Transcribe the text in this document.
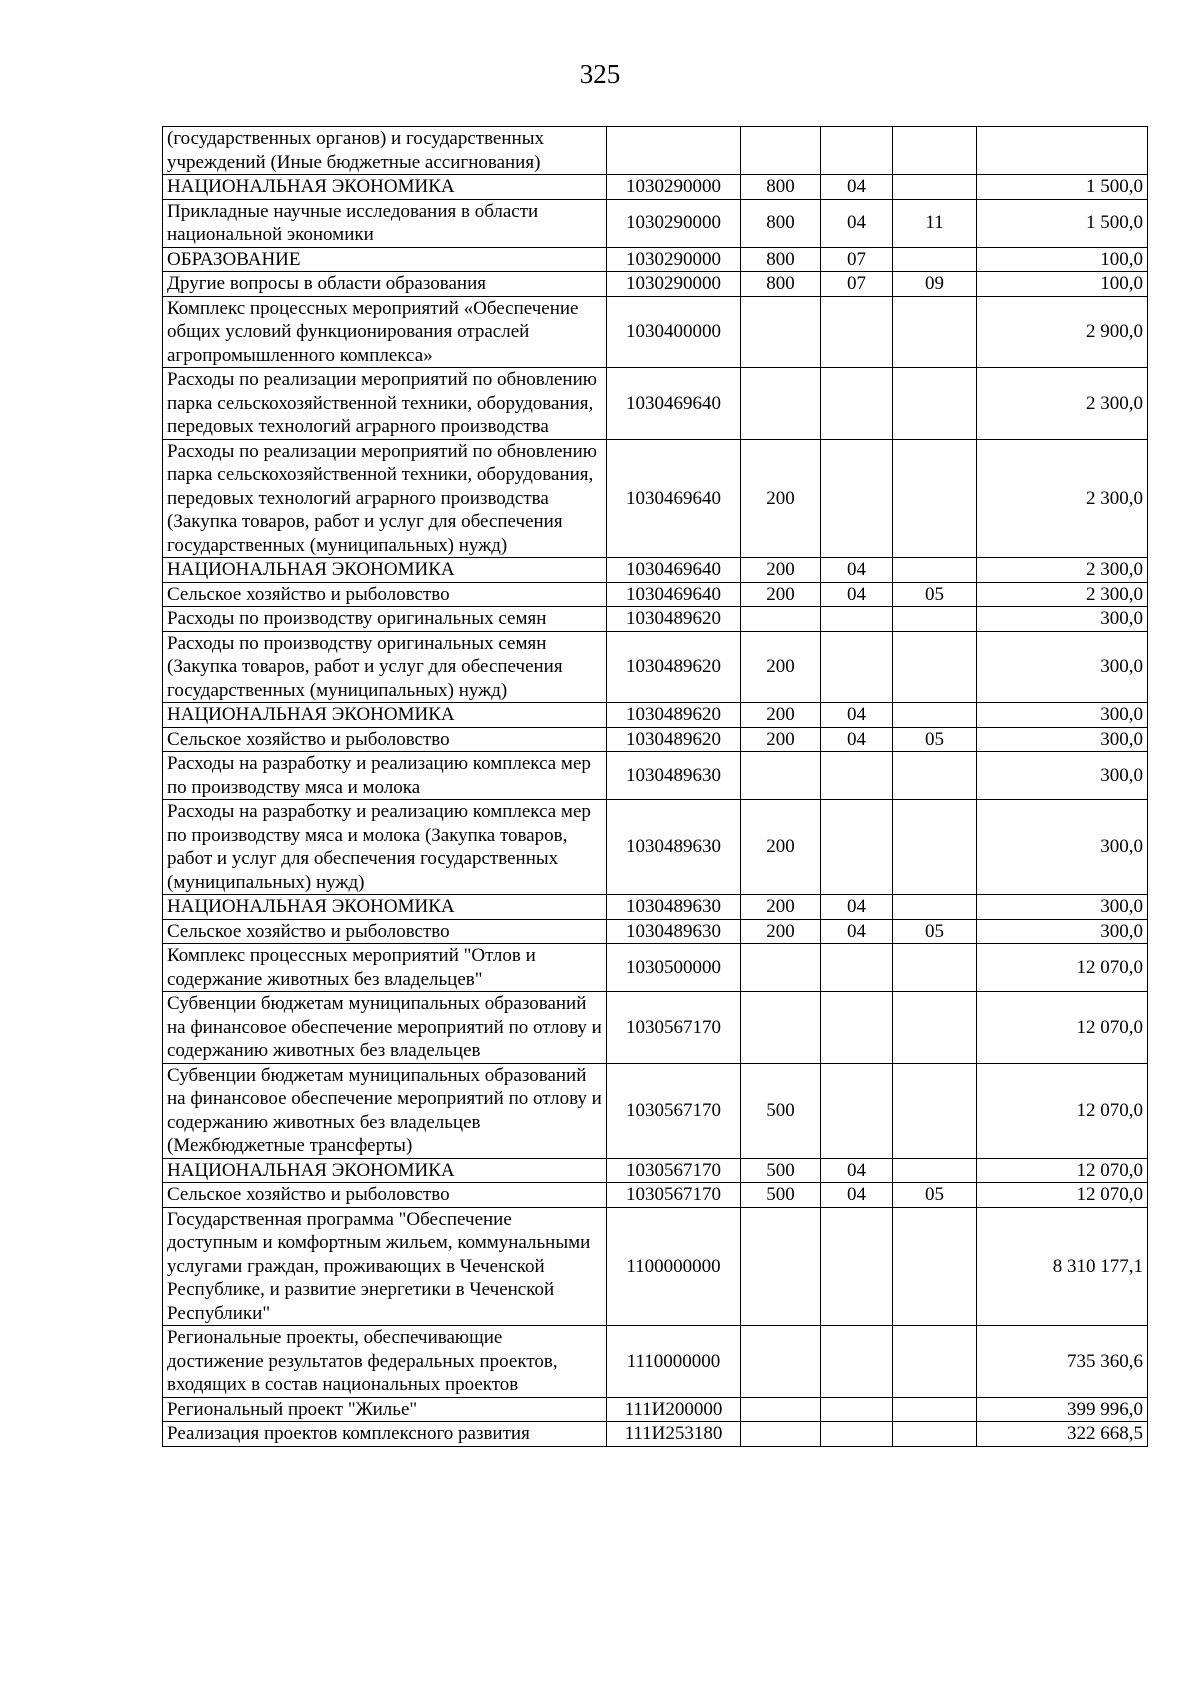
325
(государственных органов) и государственных учреждений (Иные бюджетные ассигнования)					
НАЦИОНАЛЬНАЯ ЭКОНОМИКА	1030290000	800	04		1 500,0
Прикладные научные исследования в области национальной экономики	1030290000	800	04	11	1 500,0
ОБРАЗОВАНИЕ	1030290000	800	07		100,0
Другие вопросы в области образования	1030290000	800	07	09	100,0
Комплекс процессных мероприятий «Обеспечение общих условий функционирования отраслей агропромышленного комплекса»	1030400000				2 900,0
Расходы по реализации мероприятий по обновлению парка сельскохозяйственной техники, оборудования, передовых технологий аграрного производства	1030469640				2 300,0
Расходы по реализации мероприятий по обновлению парка сельскохозяйственной техники, оборудования, передовых технологий аграрного производства (Закупка товаров, работ и услуг для обеспечения государственных (муниципальных) нужд)	1030469640	200			2 300,0
НАЦИОНАЛЬНАЯ ЭКОНОМИКА	1030469640	200	04		2 300,0
Сельское хозяйство и рыболовство	1030469640	200	04	05	2 300,0
Расходы по производству оригинальных семян	1030489620				300,0
Расходы по производству оригинальных семян (Закупка товаров, работ и услуг для обеспечения государственных (муниципальных) нужд)	1030489620	200			300,0
НАЦИОНАЛЬНАЯ ЭКОНОМИКА	1030489620	200	04		300,0
Сельское хозяйство и рыболовство	1030489620	200	04	05	300,0
Расходы на разработку и реализацию комплекса мер по производству мяса и молока	1030489630				300,0
Расходы на разработку и реализацию комплекса мер по производству мяса и молока (Закупка товаров, работ и услуг для обеспечения государственных (муниципальных) нужд)	1030489630	200			300,0
НАЦИОНАЛЬНАЯ ЭКОНОМИКА	1030489630	200	04		300,0
Сельское хозяйство и рыболовство	1030489630	200	04	05	300,0
Комплекс процессных мероприятий "Отлов и содержание животных без владельцев"	1030500000				12 070,0
Субвенции бюджетам муниципальных образований на финансовое обеспечение мероприятий по отлову и содержанию животных без владельцев	1030567170				12 070,0
Субвенции бюджетам муниципальных образований на финансовое обеспечение мероприятий по отлову и содержанию животных без владельцев (Межбюджетные трансферты)	1030567170	500			12 070,0
НАЦИОНАЛЬНАЯ ЭКОНОМИКА	1030567170	500	04		12 070,0
Сельское хозяйство и рыболовство	1030567170	500	04	05	12 070,0
Государственная программа "Обеспечение доступным и комфортным жильем, коммунальными услугами граждан, проживающих в Чеченской Республике, и развитие энергетики в Чеченской Республики"	1100000000				8 310 177,1
Региональные проекты, обеспечивающие достижение результатов федеральных проектов, входящих в состав национальных проектов	1110000000				735 360,6
Региональный проект "Жилье"	111И200000				399 996,0
Реализация проектов комплексного развития	111И253180				322 668,5
